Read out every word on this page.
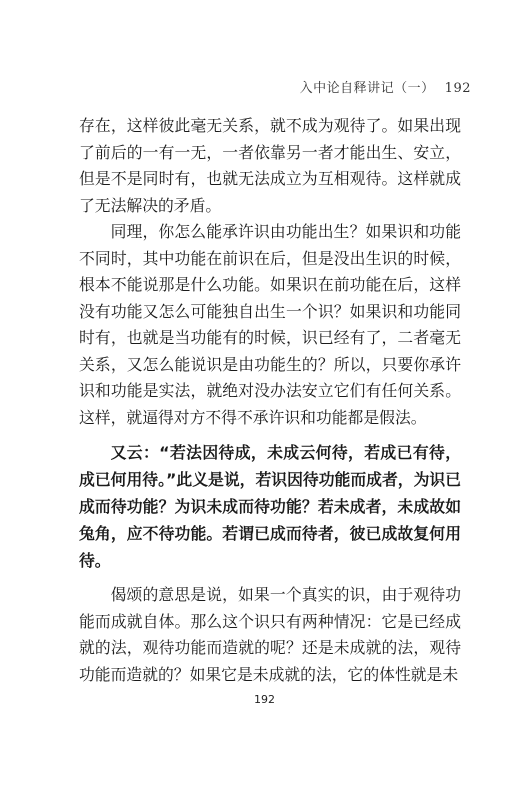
入中论自释讲记（一） 192

存在，这样彼此毫无关系，就不成为观待了。如果出现了前后的一有一无，一者依靠另一者才能出生、安立，但是不是同时有，也就无法成立为互相观待。这样就成了无法解决的矛盾。

同理，你怎么能承许识由功能出生？如果识和功能不同时，其中功能在前识在后，但是没出生识的时候，根本不能说那是什么功能。如果识在前功能在后，这样没有功能又怎么可能独自出生一个识？如果识和功能同时有，也就是当功能有的时候，识已经有了，二者毫无关系，又怎么能说识是由功能生的？所以，只要你承许识和功能是实法，就绝对没办法安立它们有任何关系。这样，就逼得对方不得不承许识和功能都是假法。

又云：“若法因待成，未成云何待，若成已有待，成已何用待。”此义是说，若识因待功能而成者，为识已成而待功能？为识未成而待功能？若未成者，未成故如兔角，应不待功能。若谓已成而待者，彼已成故复何用待。

偈颂的意思是说，如果一个真实的识，由于观待功能而成就自体。那么这个识只有两种情况：它是已经成就的法，观待功能而造就的呢？还是未成就的法，观待功能而造就的？如果它是未成就的法，它的体性就是未

192
